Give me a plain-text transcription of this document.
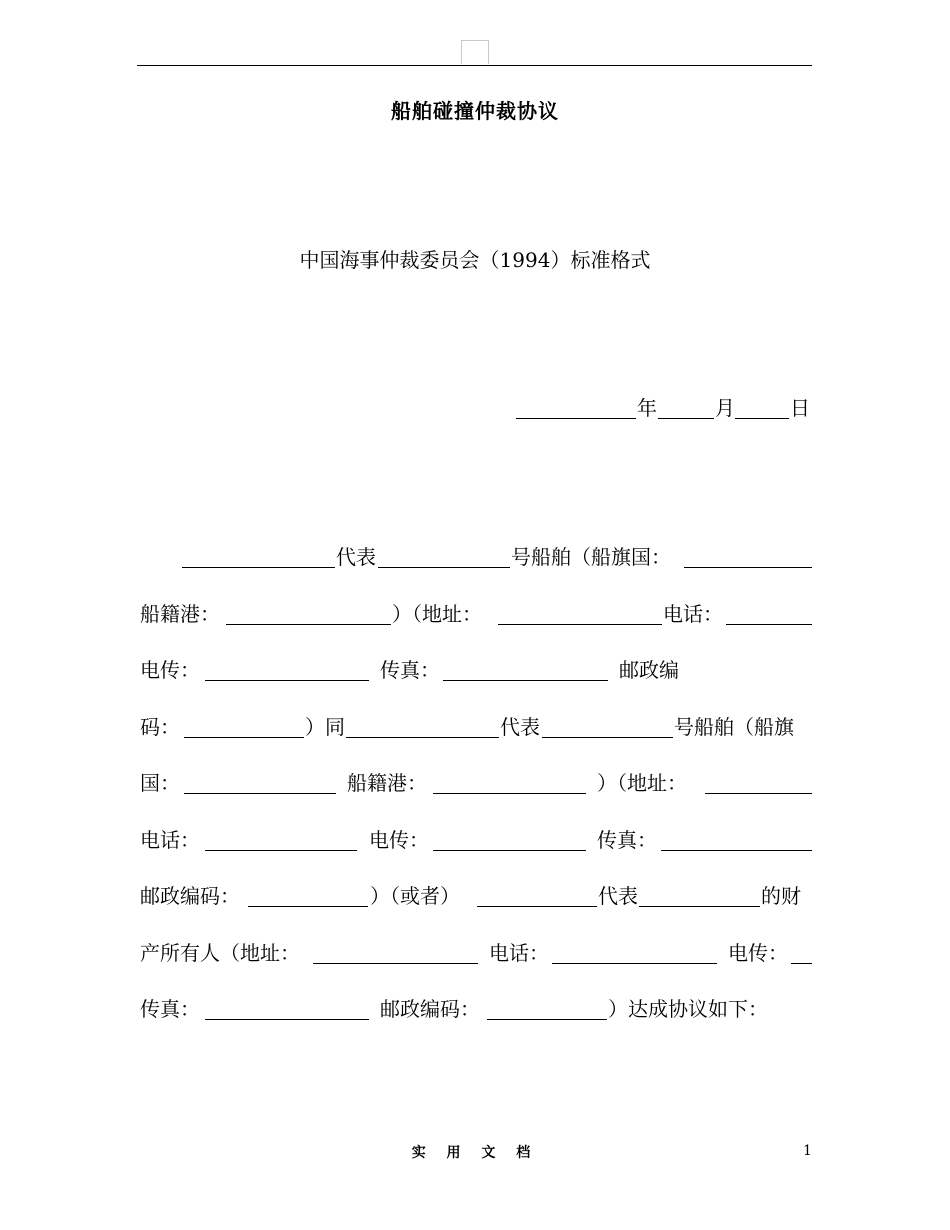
船舶碰撞仲裁协议
中国海事仲裁委员会（1994）标准格式
年	月	日
代表	号船舶（船旗国：
船籍港：	）（地址：	电话：
电传：	传真：	邮政编
码：	）同	代表	号船舶（船旗
国：	船籍港：	）（地址：
电话：	电传：	传真：
邮政编码：	）（或者）	代表	的财
产所有人（地址：	电话：	电传：
传真：	邮政编码：	）达成协议如下：
实 用 文 档	1
